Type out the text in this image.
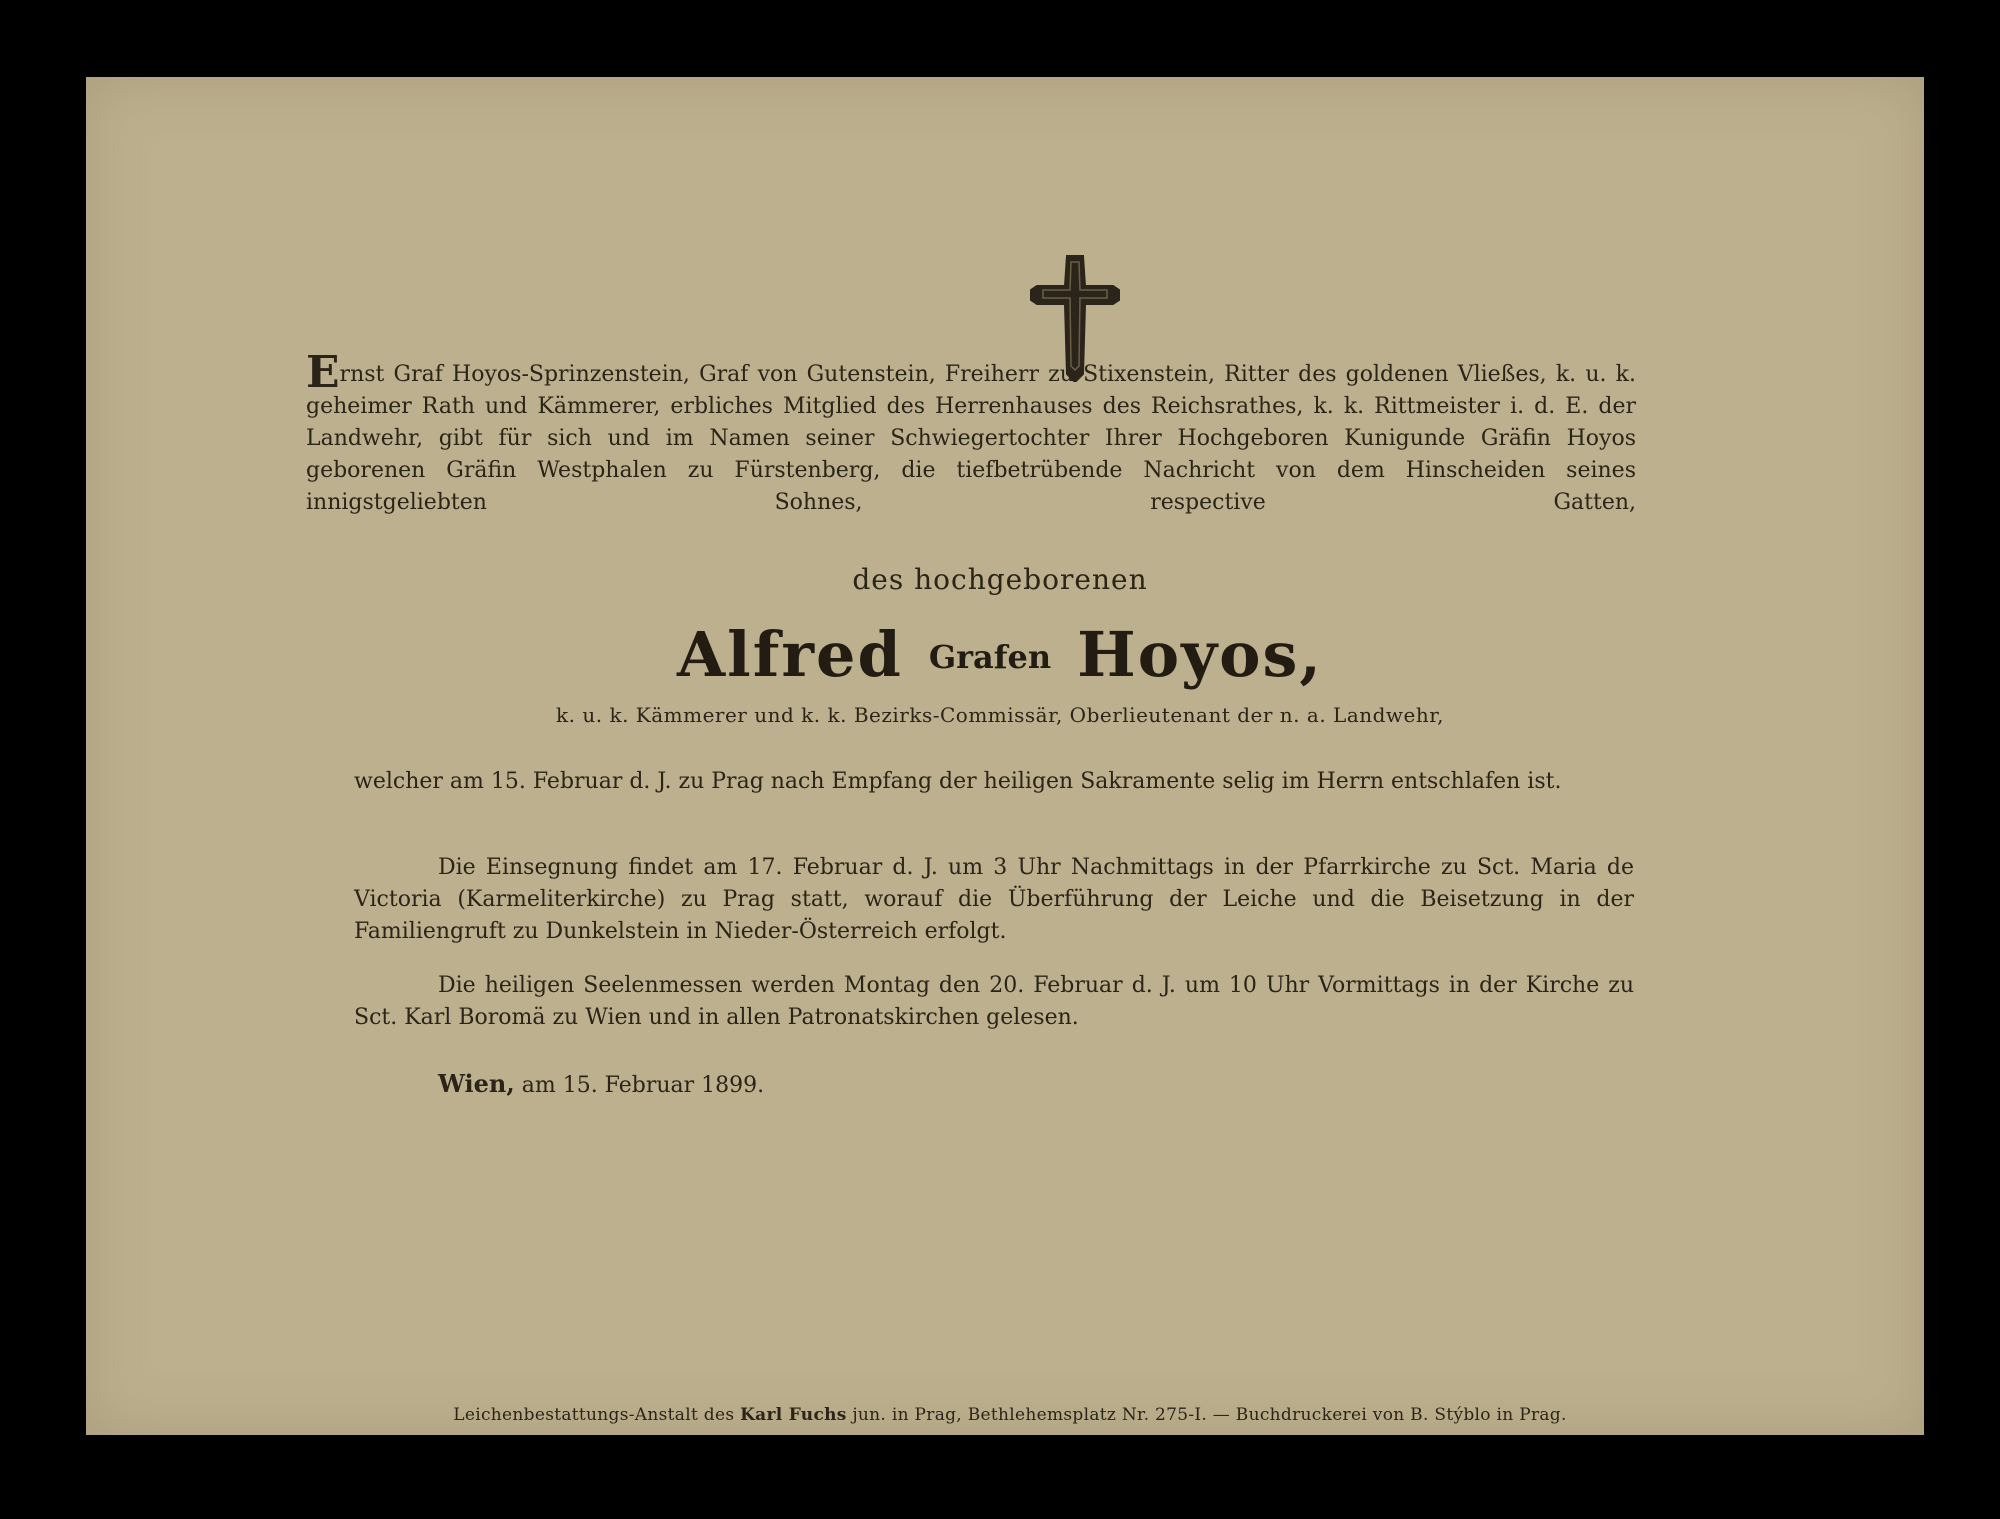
Ernst Graf Hoyos-Sprinzenstein, Graf von Gutenstein, Freiherr zu Stixenstein, Ritter des goldenen Vließes, k. u. k. geheimer Rath und Kämmerer, erbliches Mitglied des Herrenhauses des Reichsrathes, k. k. Rittmeister i. d. E. der Landwehr, gibt für sich und im Namen seiner Schwiegertochter Ihrer Hochgeboren Kunigunde Gräfin Hoyos geborenen Gräfin Westphalen zu Fürstenberg, die tiefbetrübende Nachricht von dem Hinscheiden seines innigstgeliebten Sohnes, respective Gatten,

des hochgeborenen
Alfred Grafen Hoyos,
k. u. k. Kämmerer und k. k. Bezirks-Commissär, Oberlieutenant der n. a. Landwehr,

welcher am 15. Februar d. J. zu Prag nach Empfang der heiligen Sakramente selig im Herrn entschlafen ist.

Die Einsegnung findet am 17. Februar d. J. um 3 Uhr Nachmittags in der Pfarrkirche zu Sct. Maria de Victoria (Karmeliterkirche) zu Prag statt, worauf die Überführung der Leiche und die Beisetzung in der Familiengruft zu Dunkelstein in Nieder-Österreich erfolgt.

Die heiligen Seelenmessen werden Montag den 20. Februar d. J. um 10 Uhr Vormittags in der Kirche zu Sct. Karl Boromä zu Wien und in allen Patronatskirchen gelesen.

Wien, am 15. Februar 1899.
Leichenbestattungs-Anstalt des Karl Fuchs jun. in Prag, Bethlehemsplatz Nr. 275-I. — Buchdruckerei von B. Stýblo in Prag.
